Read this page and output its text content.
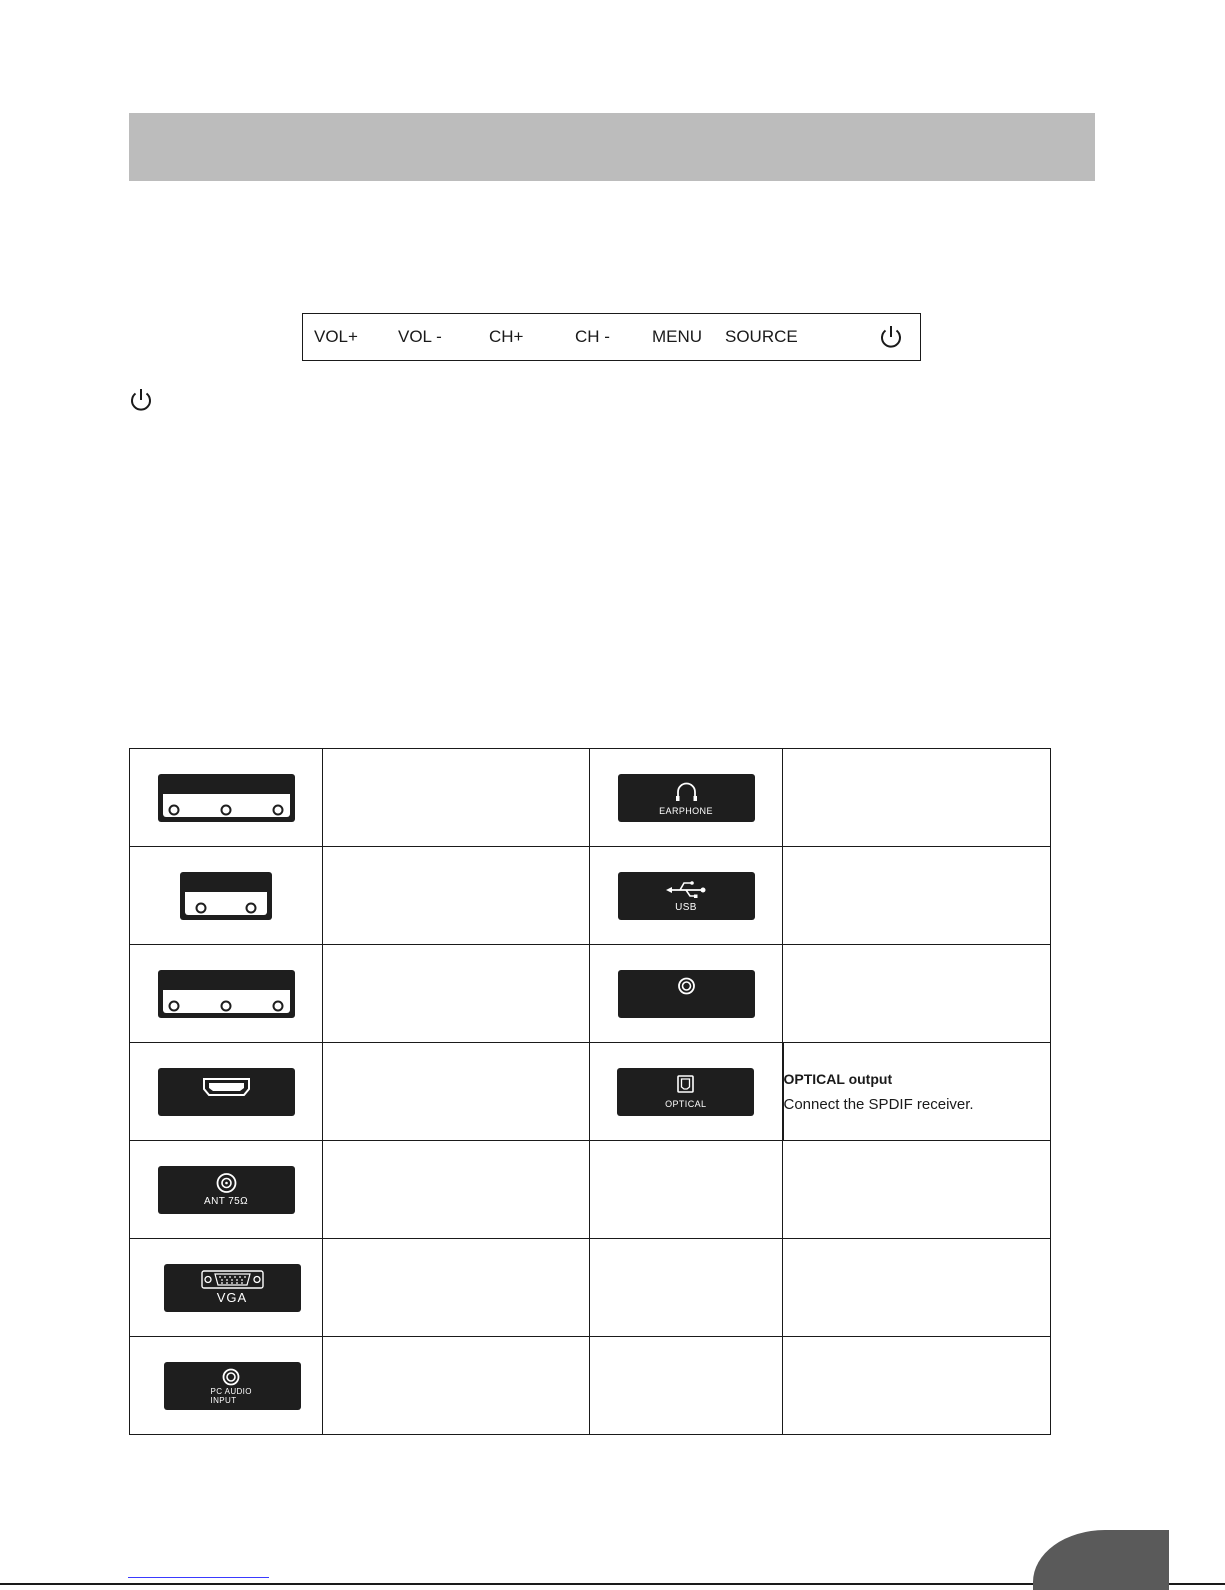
VOL+ VOL -	CH+	CH - MENU SOURCE

EARPHONE	

USB	

OPTICAL	OPTICAL output
Connect the SPDIF receiver.

ANT 75Ω			

VGA			

PC AUDIO
INPUT			
